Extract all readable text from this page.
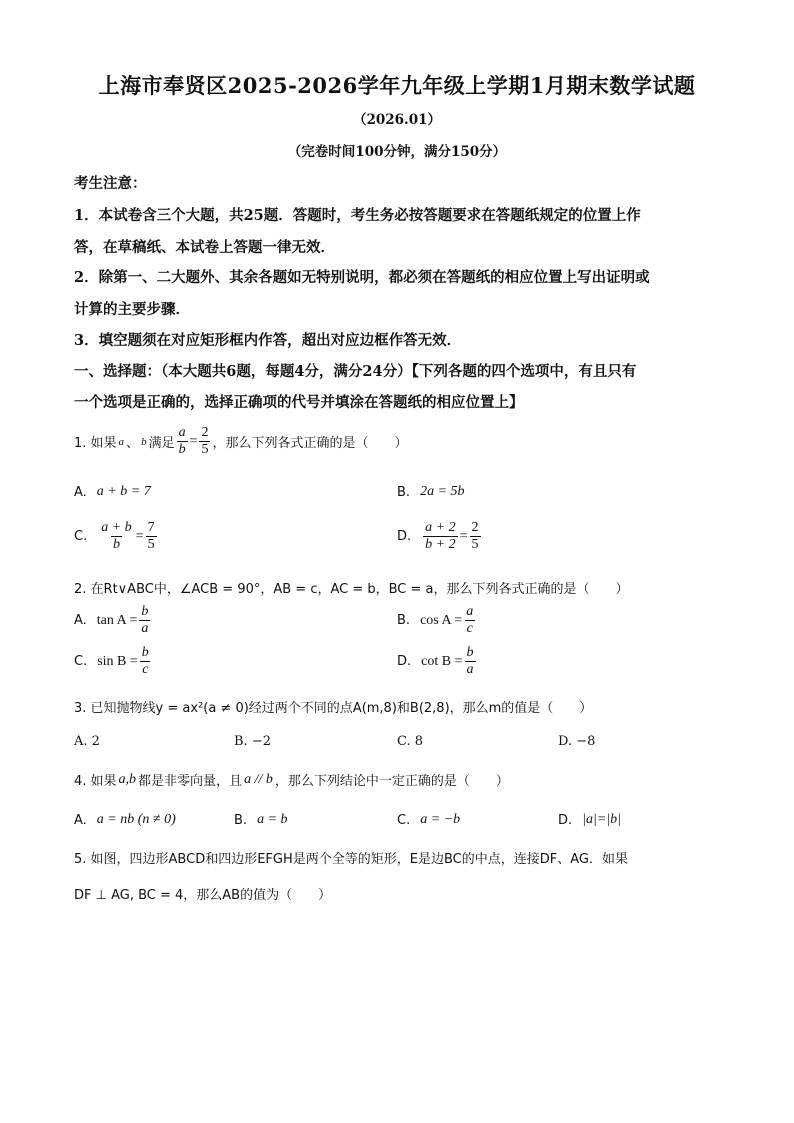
上海市奉贤区2025-2026学年九年级上学期1月期末数学试题
（2026.01）
（完卷时间100分钟，满分150分）
考生注意：
1．本试卷含三个大题，共25题．答题时，考生务必按答题要求在答题纸规定的位置上作
答，在草稿纸、本试卷上答题一律无效．
2．除第一、二大题外、其余各题如无特别说明，都必须在答题纸的相应位置上写出证明或
计算的主要步骤．
3．填空题须在对应矩形框内作答，超出对应边框作答无效．
一、选择题：（本大题共6题，每题4分，满分24分）【下列各题的四个选项中，有且只有
一个选项是正确的，选择正确项的代号并填涂在答题纸的相应位置上】
1. 如果 a 、 b 满足 $\frac{a}{b} = \frac{2}{5}$ ，那么下列各式正确的是（　　）
A. a + b = 7	B. 2a = 5b
C. $\frac{a + b}{b} = \frac{7}{5}$	D. $\frac{a + 2}{b + 2} = \frac{2}{5}$
2. 在Rt∨ABC中，∠ACB = 90°，AB = c，AC = b，BC = a，那么下列各式正确的是（　　）
A. $\tan A = \frac{b}{a}$	B. $\cos A = \frac{a}{c}$
C. $\sin B = \frac{b}{c}$	D. $\cot B = \frac{b}{a}$
3. 已知抛物线y = ax²(a ≠ 0)经过两个不同的点A(m,8)和B(2,8)，那么m的值是（　　）
A. 2	B. −2	C. 8	D. −8
4. 如果 a,b 都是非零向量，且 a // b ，那么下列结论中一定正确的是（　　）
A. a = nb (n ≠ 0)	B. a = b	C. a = −b	D. |a|=|b|
5. 如图，四边形ABCD和四边形EFGH是两个全等的矩形，E是边BC的中点，连接DF、AG．如果
DF ⊥ AG, BC = 4，那么AB的值为（　　）
